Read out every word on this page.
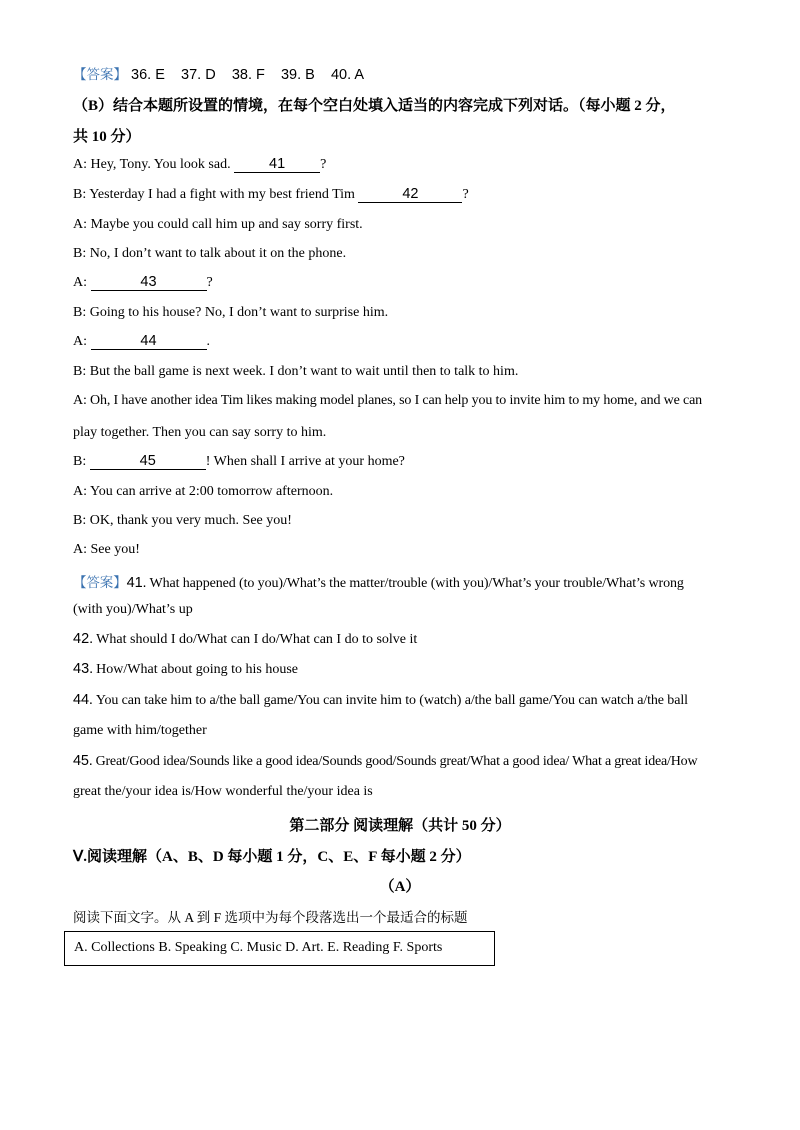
【答案】 36. E 37. D 38. F 39. B 40. A
（B）结合本题所设置的情境，在每个空白处填入适当的内容完成下列对话。（每小题 2 分，
共 10 分）
A: Hey, Tony. You look sad. 41 ?
B: Yesterday I had a fight with my best friend Tim	42	?
A: Maybe you could call him up and say sorry first.
B: No, I don’t want to talk about it on the phone.
A:	43	?
B: Going to his house? No, I don’t want to surprise him.
A:	44	.
B: But the ball game is next week. I don’t want to wait until then to talk to him.
A: Oh, I have another idea Tim likes making model planes, so I can help you to invite him to my home, and we can
play together. Then you can say sorry to him.
B:	45	! When shall I arrive at your home?
A: You can arrive at 2:00 tomorrow afternoon.
B: OK, thank you very much. See you!
A: See you!
【答案】41. What happened (to you)/What’s the matter/trouble (with you)/What’s your trouble/What’s wrong
(with you)/What’s up
42. What should I do/What can I do/What can I do to solve it
43. How/What about going to his house
44. You can take him to a/the ball game/You can invite him to (watch) a/the ball game/You can watch a/the ball
game with him/together
45. Great/Good idea/Sounds like a good idea/Sounds good/Sounds great/What a good idea/ What a great idea/How
great the/your idea is/How wonderful the/your idea is
第二部分 阅读理解（共计 50 分）
Ⅴ.阅读理解（A、B、D 每小题 1 分，C、E、F 每小题 2 分）
（A）
阅读下面文字。从 A 到 F 选项中为每个段落选出一个最适合的标题
A. Collections B. Speaking C. Music D. Art. E. Reading F. Sports
